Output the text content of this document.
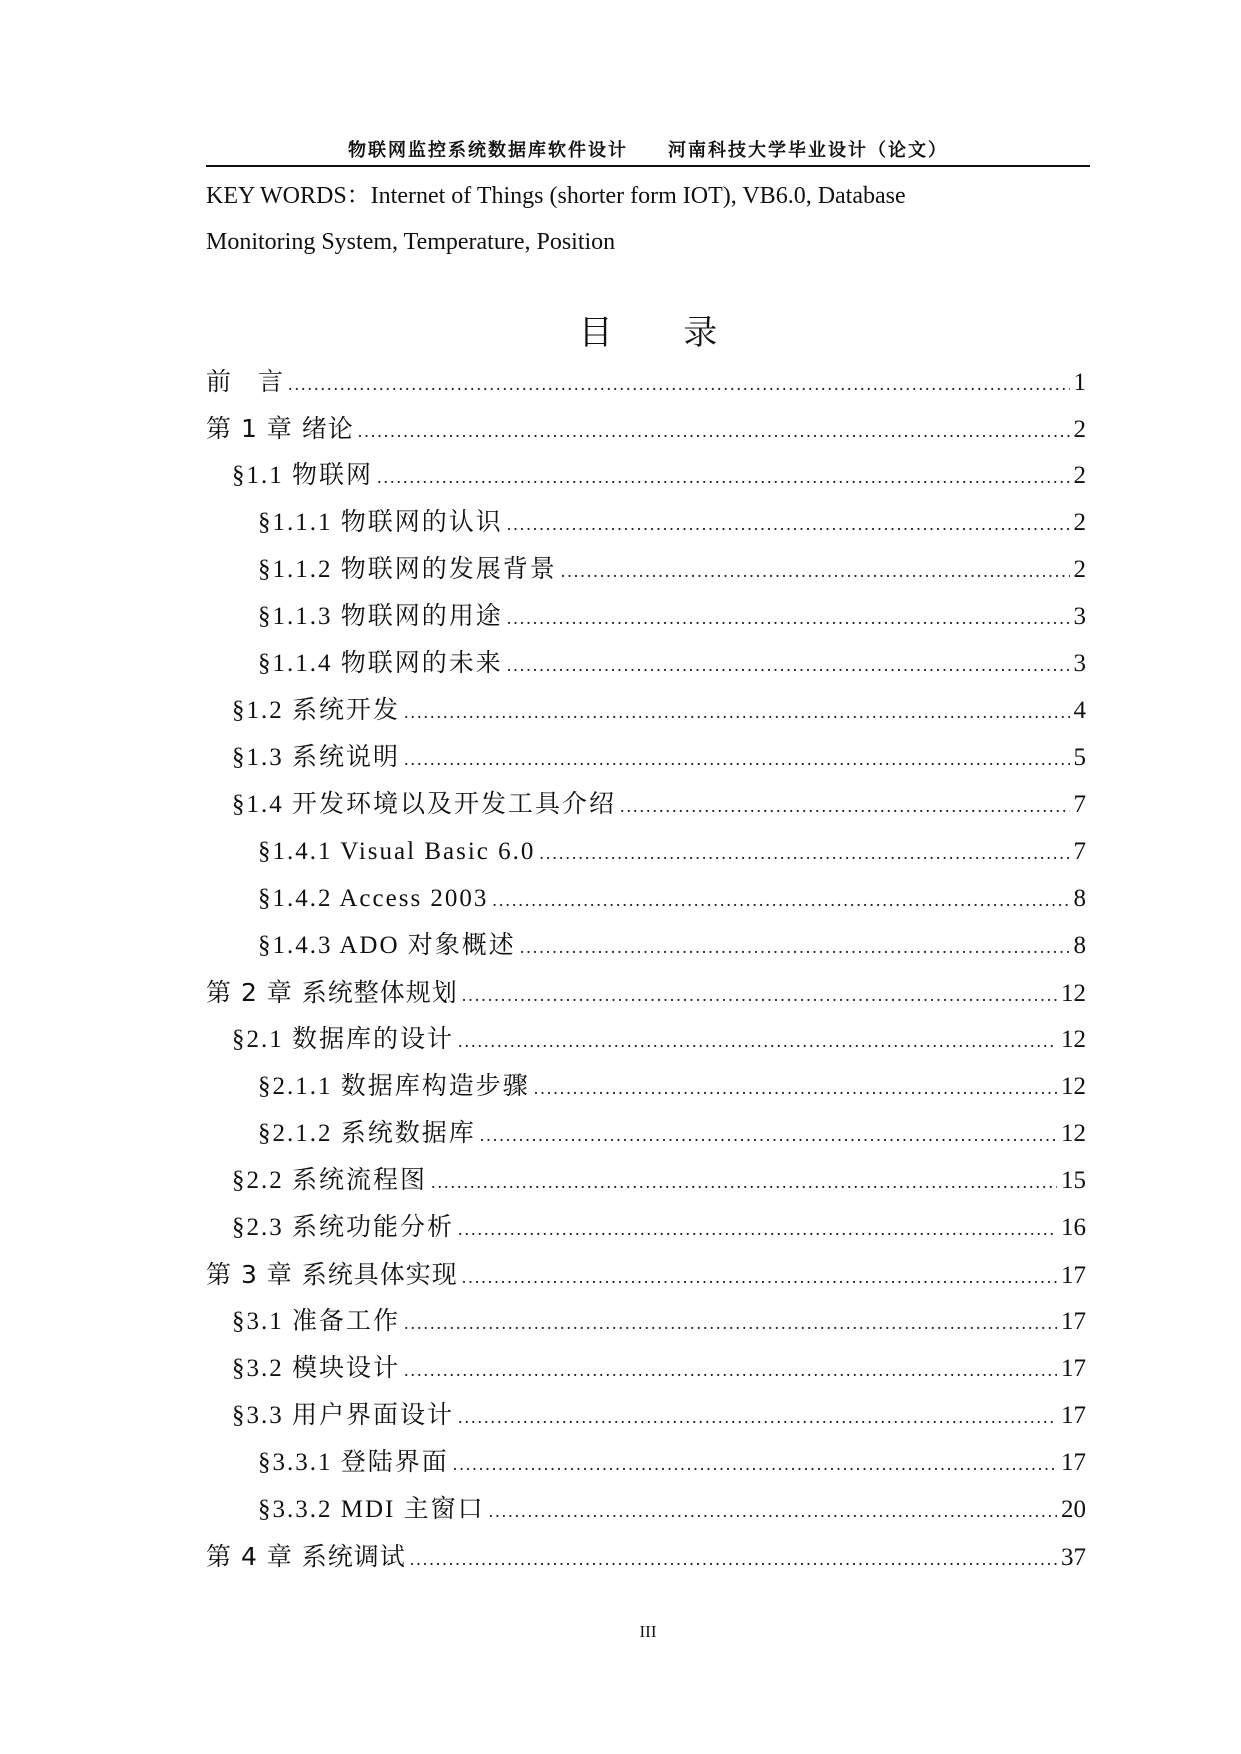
物联网监控系统数据库软件设计　　河南科技大学毕业设计（论文）
KEY WORDS：Internet of Things (shorter form IOT), VB6.0, Database
Monitoring System, Temperature, Position
目 录
前　言 .....	1
第 1 章 绪论 .....	2
§1.1 物联网 .....	2
§1.1.1 物联网的认识 .....	2
§1.1.2 物联网的发展背景 .....	2
§1.1.3 物联网的用途 .....	3
§1.1.4 物联网的未来 .....	3
§1.2 系统开发 .....	4
§1.3 系统说明 .....	5
§1.4 开发环境以及开发工具介绍 .....	7
§1.4.1 Visual Basic 6.0 .....	7
§1.4.2 Access 2003 .....	8
§1.4.3 ADO 对象概述 .....	8
第 2 章 系统整体规划 .....	12
§2.1 数据库的设计 .....	12
§2.1.1 数据库构造步骤 .....	12
§2.1.2 系统数据库 .....	12
§2.2 系统流程图 .....	15
§2.3 系统功能分析 .....	16
第 3 章 系统具体实现 .....	17
§3.1 准备工作 .....	17
§3.2 模块设计 .....	17
§3.3 用户界面设计 .....	17
§3.3.1 登陆界面 .....	17
§3.3.2 MDI 主窗口 .....	20
第 4 章 系统调试 .....	37
III
